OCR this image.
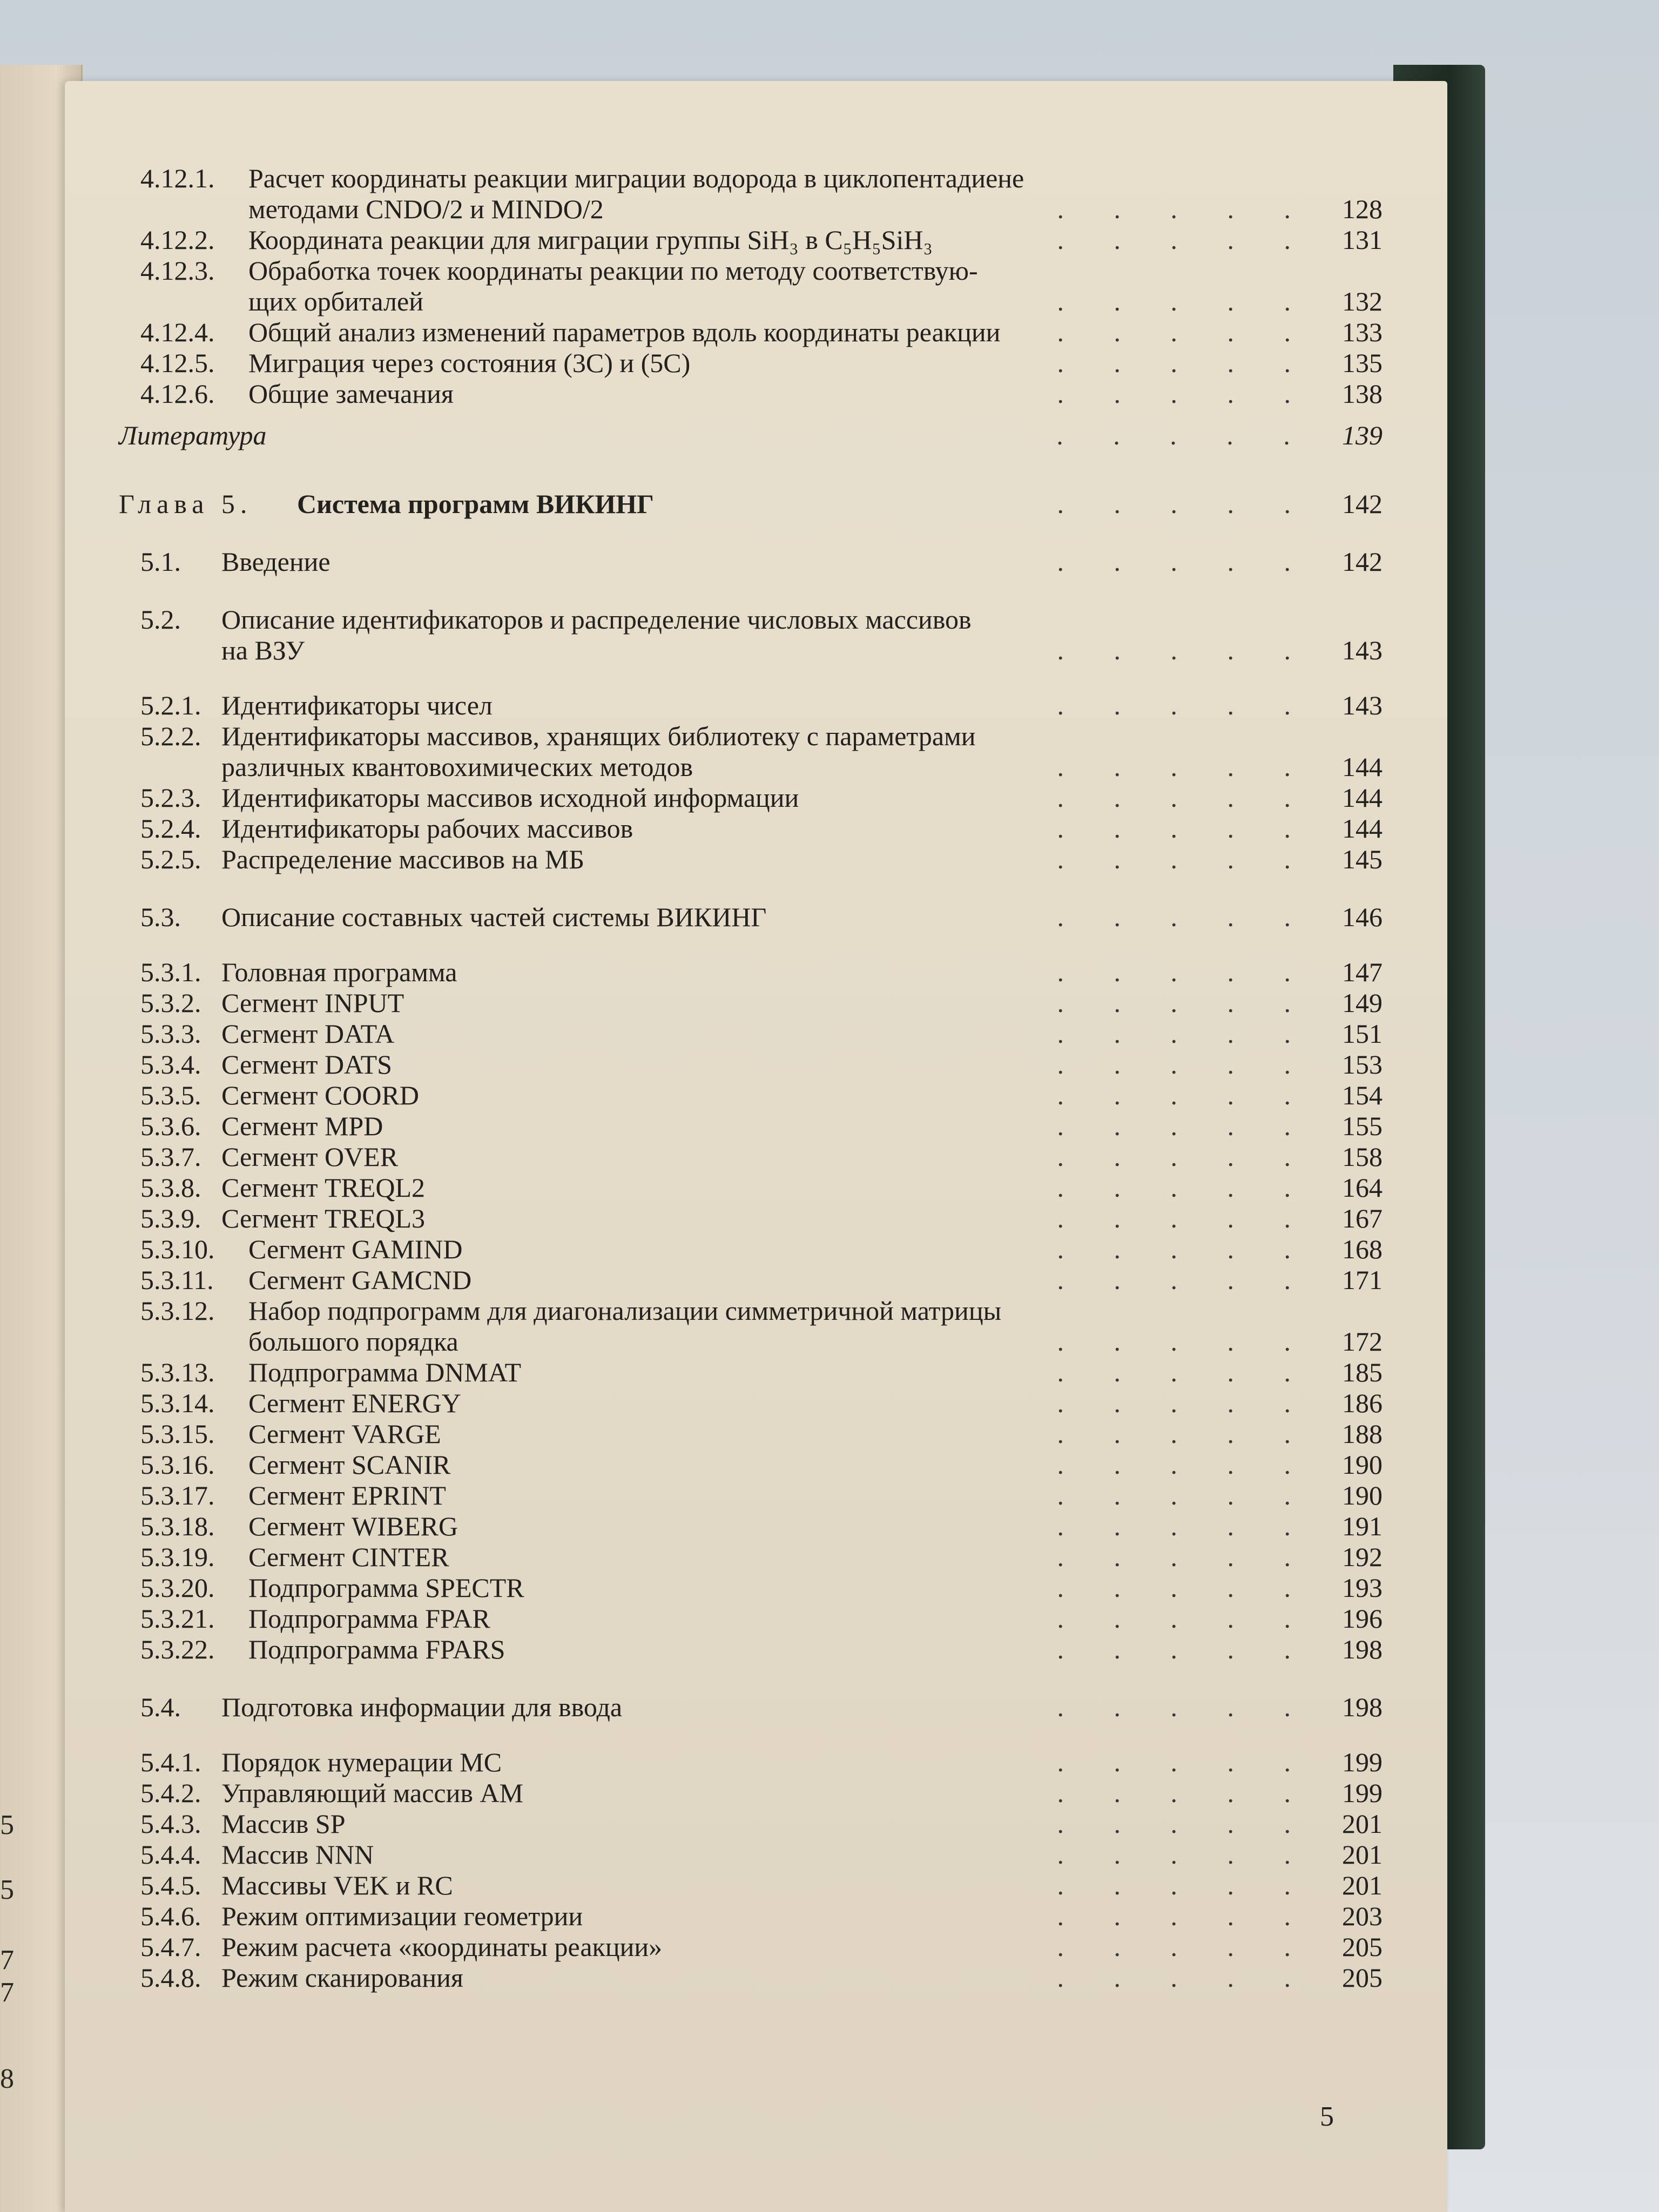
5
5
7
7
8
4.12.1. Расчет координаты реакции миграции водорода в циклопентадиене
методами CNDO/2 и MINDO/2	. . . . .	128
4.12.2. Координата реакции для миграции группы SiH₃ в C₅H₅SiH₃	. . . . .	131
4.12.3. Обработка точек координаты реакции по методу соответствую-
щих орбиталей	. . . . .	132
4.12.4. Общий анализ изменений параметров вдоль координаты реакции . . . . .	133
4.12.5. Миграция через состояния (3С) и (5С)	. . . . .	135
4.12.6. Общие замечания	. . . . .	138
Литература	. . . . .	139
Глава 5. Система программ ВИКИНГ	. . . . .	142
5.1. Введение	. . . . .	142
5.2. Описание идентификаторов и распределение числовых массивов
на ВЗУ	. . . . .	143
5.2.1. Идентификаторы чисел	. . . . .	143
5.2.2. Идентификаторы массивов, хранящих библиотеку с параметрами
различных квантовохимических методов	. . . . .	144
5.2.3. Идентификаторы массивов исходной информации	. . . . .	144
5.2.4. Идентификаторы рабочих массивов	. . . . .	144
5.2.5. Распределение массивов на МБ	. . . . .	145
5.3. Описание составных частей системы ВИКИНГ	. . . . .	146
5.3.1. Головная программа	. . . . .	147
5.3.2. Сегмент INPUT	. . . . .	149
5.3.3. Сегмент DATA	. . . . .	151
5.3.4. Сегмент DATS	. . . . .	153
5.3.5. Сегмент COORD	. . . . .	154
5.3.6. Сегмент MPD	. . . . .	155
5.3.7. Сегмент OVER	. . . . .	158
5.3.8. Сегмент TREQL2	. . . . .	164
5.3.9. Сегмент TREQL3	. . . . .	167
5.3.10. Сегмент GAMIND	. . . . .	168
5.3.11. Сегмент GAMCND	. . . . .	171
5.3.12. Набор подпрограмм для диагонализации симметричной матрицы
большого порядка	. . . . .	172
5.3.13. Подпрограмма DNMAT	. . . . .	185
5.3.14. Сегмент ENERGY	. . . . .	186
5.3.15. Сегмент VARGE	. . . . .	188
5.3.16. Сегмент SCANIR	. . . . .	190
5.3.17. Сегмент EPRINT	. . . . .	190
5.3.18. Сегмент WIBERG	. . . . .	191
5.3.19. Сегмент CINTER	. . . . .	192
5.3.20. Подпрограмма SPECTR	. . . . .	193
5.3.21. Подпрограмма FPAR	. . . . .	196
5.3.22. Подпрограмма FPARS	. . . . .	198
5.4. Подготовка информации для ввода	. . . . .	198
5.4.1. Порядок нумерации МС	. . . . .	199
5.4.2. Управляющий массив АМ	. . . . .	199
5.4.3. Массив SP	. . . . .	201
5.4.4. Массив NNN	. . . . .	201
5.4.5. Массивы VEK и RC	. . . . .	201
5.4.6. Режим оптимизации геометрии	. . . . .	203
5.4.7. Режим расчета «координаты реакции»	. . . . .	205
5.4.8. Режим сканирования	. . . . .	205
5
